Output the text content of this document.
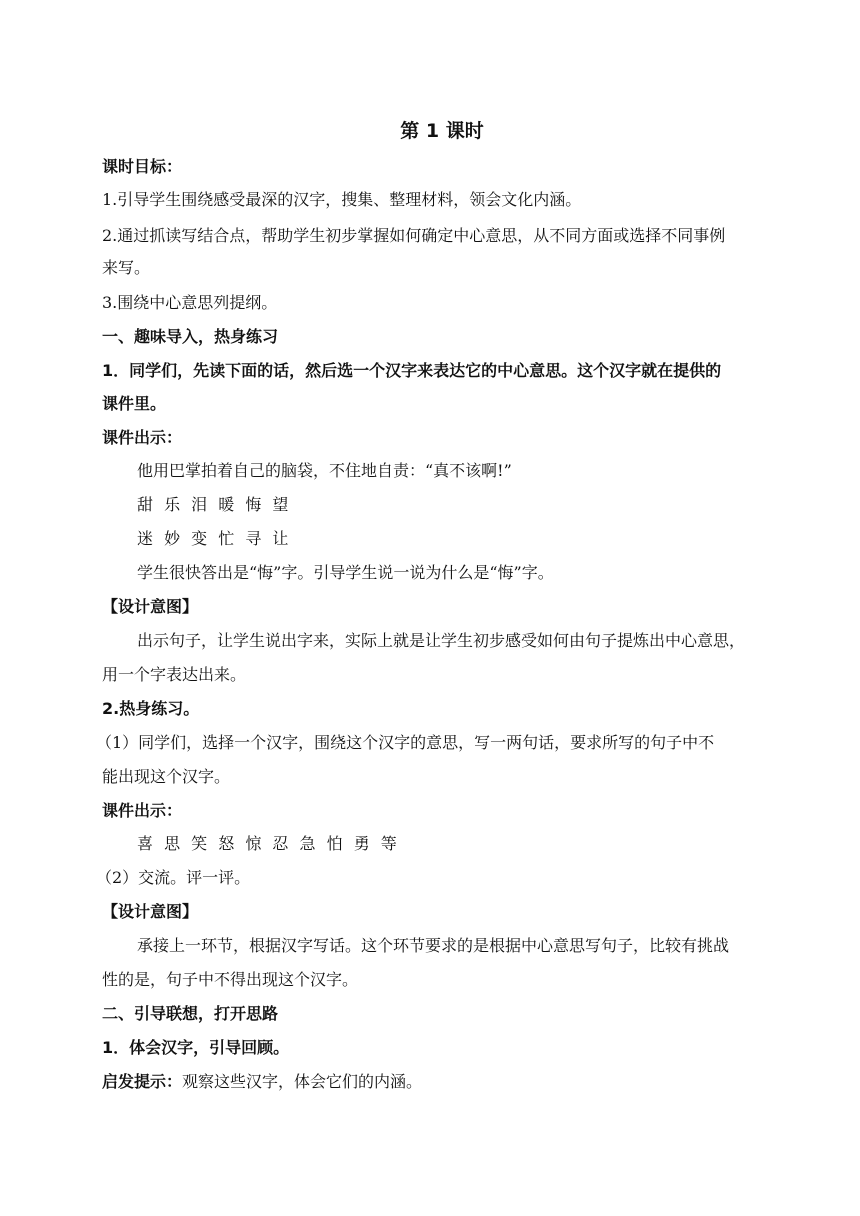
第 1 课时
课时目标：
1.引导学生围绕感受最深的汉字，搜集、整理材料，领会文化内涵。
2.通过抓读写结合点，帮助学生初步掌握如何确定中心意思，从不同方面或选择不同事例
来写。
3.围绕中心意思列提纲。
一、趣味导入，热身练习
1．同学们，先读下面的话，然后选一个汉字来表达它的中心意思。这个汉字就在提供的
课件里。
课件出示：
他用巴掌拍着自己的脑袋，不住地自责：“真不该啊!”
甜 乐 泪 暖 悔 望
迷 妙 变 忙 寻 让
学生很快答出是“悔”字。引导学生说一说为什么是“悔”字。
【设计意图】
出示句子，让学生说出字来，实际上就是让学生初步感受如何由句子提炼出中心意思，
用一个字表达出来。
2.热身练习。
（1）同学们，选择一个汉字，围绕这个汉字的意思，写一两句话，要求所写的句子中不
能出现这个汉字。
课件出示：
喜 思 笑 怒 惊 忍 急 怕 勇 等
（2）交流。评一评。
【设计意图】
承接上一环节，根据汉字写话。这个环节要求的是根据中心意思写句子，比较有挑战
性的是，句子中不得出现这个汉字。
二、引导联想，打开思路
1．体会汉字，引导回顾。
启发提示：观察这些汉字，体会它们的内涵。
